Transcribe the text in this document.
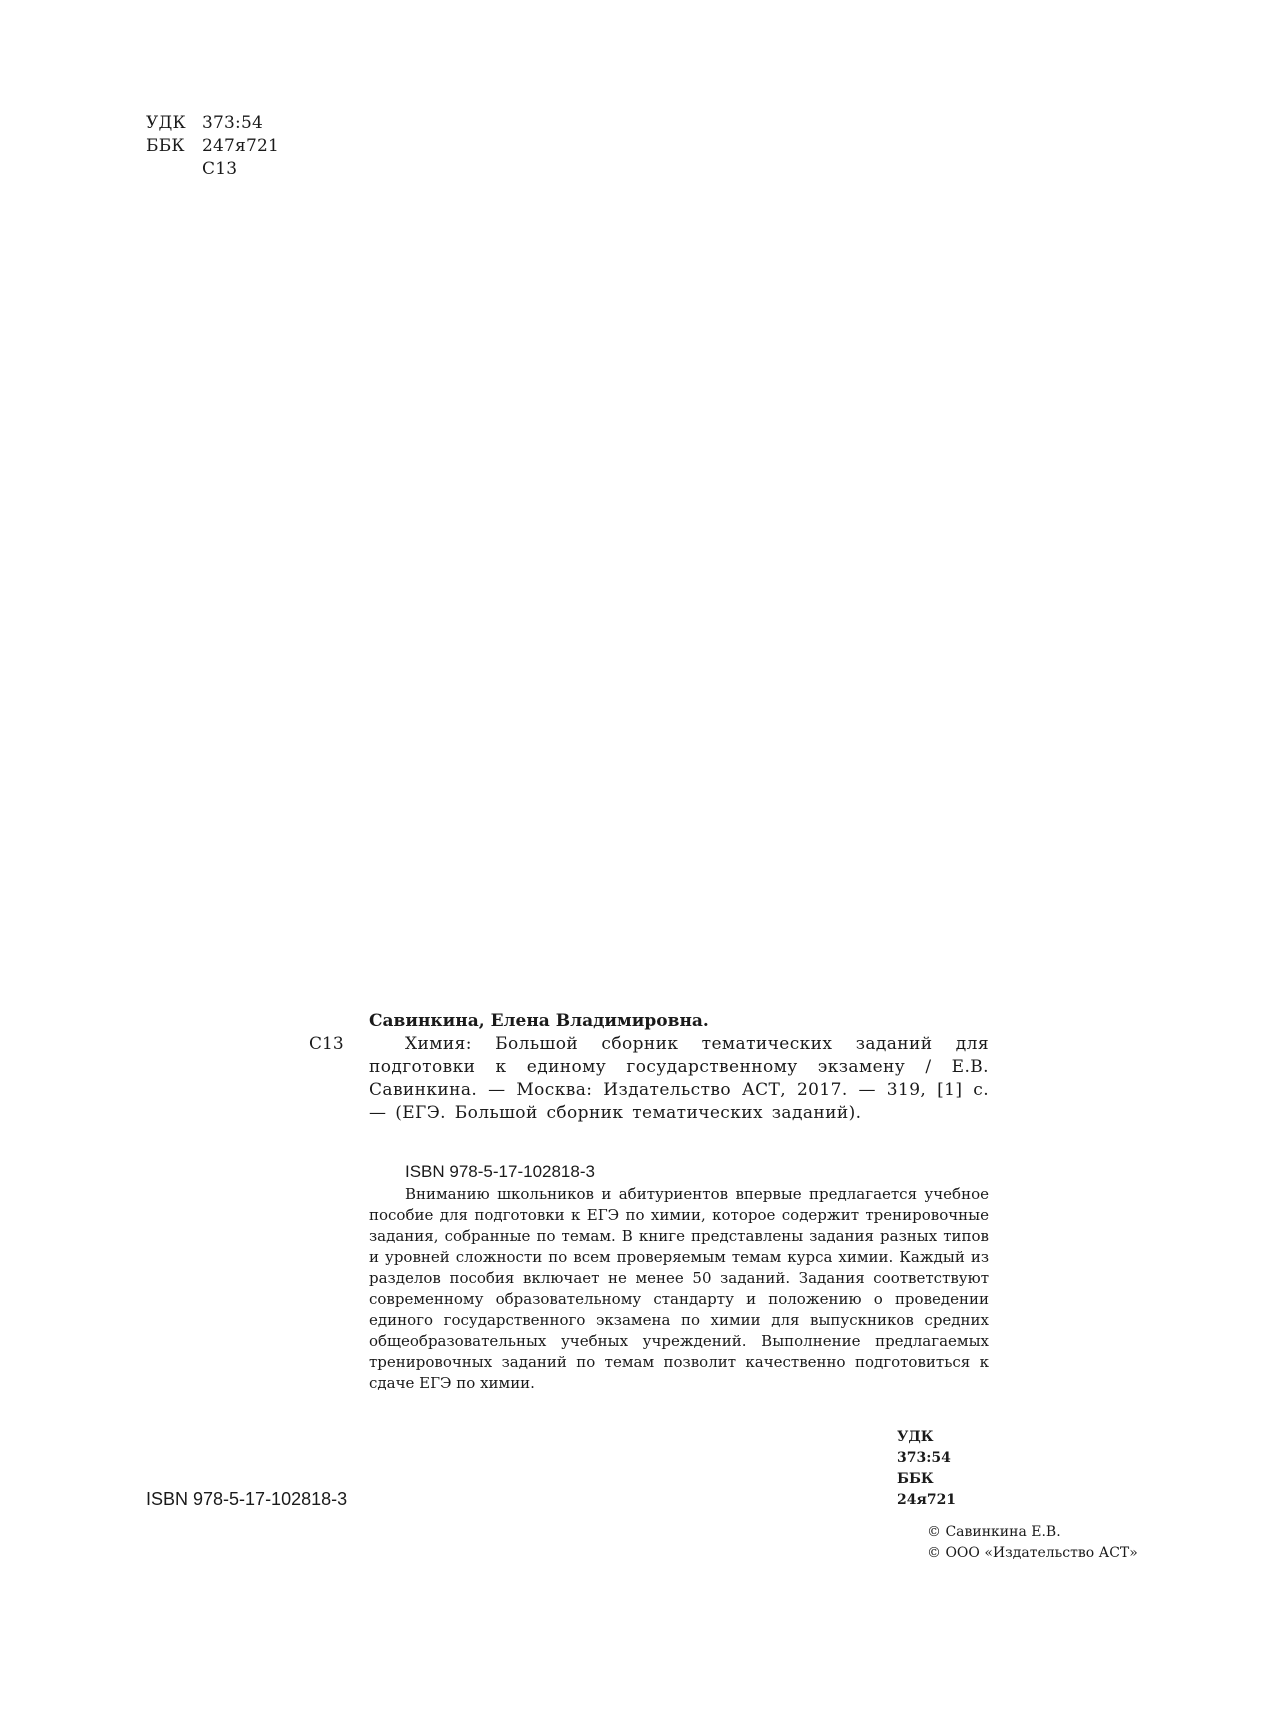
УДК 373:54
ББК	247я721
С13
Савинкина, Елена Владимировна.
С13	Химия: Большой сборник тематических заданий для подготовки к единому государственному экзамену / Е.В. Савинкина. — Москва: Издательство АСТ, 2017. — 319, [1] с. — (ЕГЭ. Большой сборник тематических заданий).
ISBN 978-5-17-102818-3
Вниманию школьников и абитуриентов впервые предлагается учебное пособие для подготовки к ЕГЭ по химии, которое содержит тренировочные задания, собранные по темам. В книге представлены задания разных типов и уровней сложности по всем проверяемым темам курса химии. Каждый из разделов пособия включает не менее 50 заданий. Задания соответствуют современному образовательному стандарту и положению о проведении единого государственного экзамена по химии для выпускников средних общеобразовательных учебных учреждений. Выполнение предлагаемых тренировочных заданий по темам позволит качественно подготовиться к сдаче ЕГЭ по химии.
УДК 373:54
ББК 24я721
ISBN 978-5-17-102818-3
© Савинкина Е.В.
© ООО «Издательство АСТ»
